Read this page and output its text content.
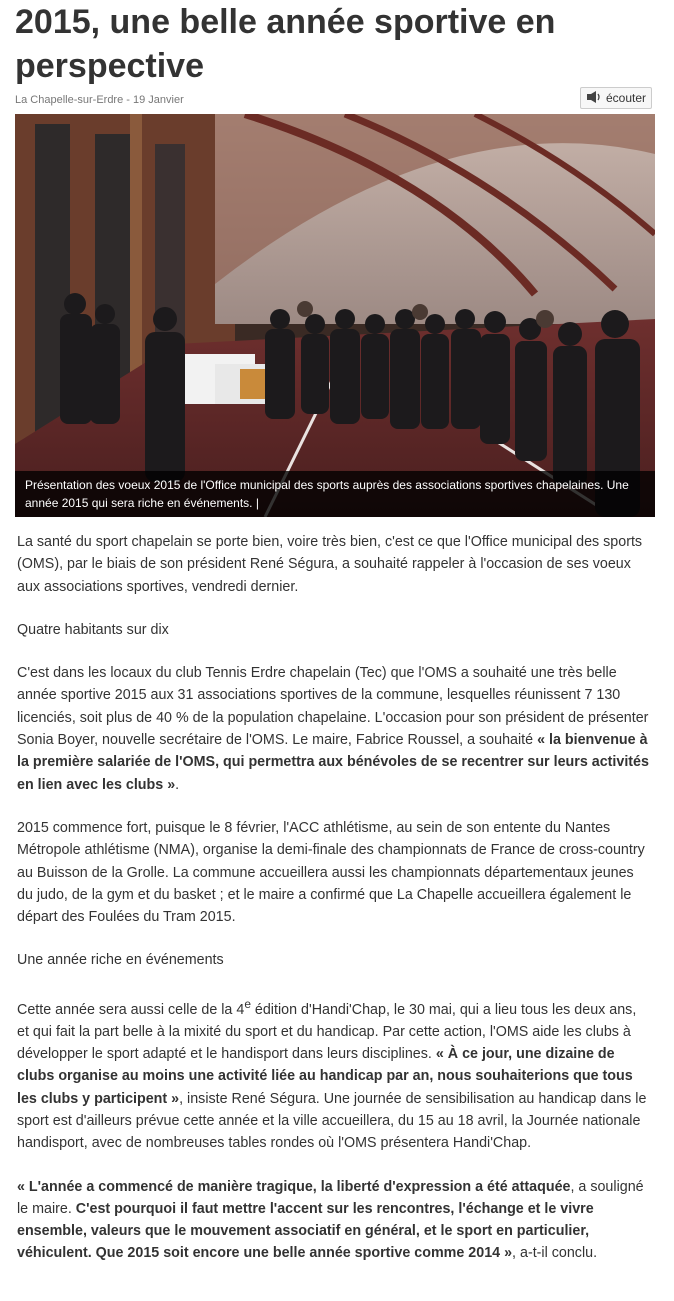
2015, une belle année sportive en perspective
La Chapelle-sur-Erdre - 19 Janvier	écouter
Présentation des voeux 2015 de l'Office municipal des sports auprès des associations sportives chapelaines. Une année 2015 qui sera riche en événements. |

La santé du sport chapelain se porte bien, voire très bien, c'est ce que l'Office municipal des sports (OMS), par le biais de son président René Ségura, a souhaité rappeler à l'occasion de ses voeux aux associations sportives, vendredi dernier.

Quatre habitants sur dix

C'est dans les locaux du club Tennis Erdre chapelain (Tec) que l'OMS a souhaité une très belle année sportive 2015 aux 31 associations sportives de la commune, lesquelles réunissent 7 130 licenciés, soit plus de 40 % de la population chapelaine. L'occasion pour son président de présenter Sonia Boyer, nouvelle secrétaire de l'OMS. Le maire, Fabrice Roussel, a souhaité « la bienvenue à la première salariée de l'OMS, qui permettra aux bénévoles de se recentrer sur leurs activités en lien avec les clubs ».

2015 commence fort, puisque le 8 février, l'ACC athlétisme, au sein de son entente du Nantes Métropole athlétisme (NMA), organise la demi-finale des championnats de France de cross-country au Buisson de la Grolle. La commune accueillera aussi les championnats départementaux jeunes du judo, de la gym et du basket ; et le maire a confirmé que La Chapelle accueillera également le départ des Foulées du Tram 2015.

Une année riche en événements

Cette année sera aussi celle de la 4e édition d'Handi'Chap, le 30 mai, qui a lieu tous les deux ans, et qui fait la part belle à la mixité du sport et du handicap. Par cette action, l'OMS aide les clubs à développer le sport adapté et le handisport dans leurs disciplines. « À ce jour, une dizaine de clubs organise au moins une activité liée au handicap par an, nous souhaiterions que tous les clubs y participent », insiste René Ségura. Une journée de sensibilisation au handicap dans le sport est d'ailleurs prévue cette année et la ville accueillera, du 15 au 18 avril, la Journée nationale handisport, avec de nombreuses tables rondes où l'OMS présentera Handi'Chap.

« L'année a commencé de manière tragique, la liberté d'expression a été attaquée, a souligné le maire. C'est pourquoi il faut mettre l'accent sur les rencontres, l'échange et le vivre ensemble, valeurs que le mouvement associatif en général, et le sport en particulier, véhiculent. Que 2015 soit encore une belle année sportive comme 2014 », a-t-il conclu.
